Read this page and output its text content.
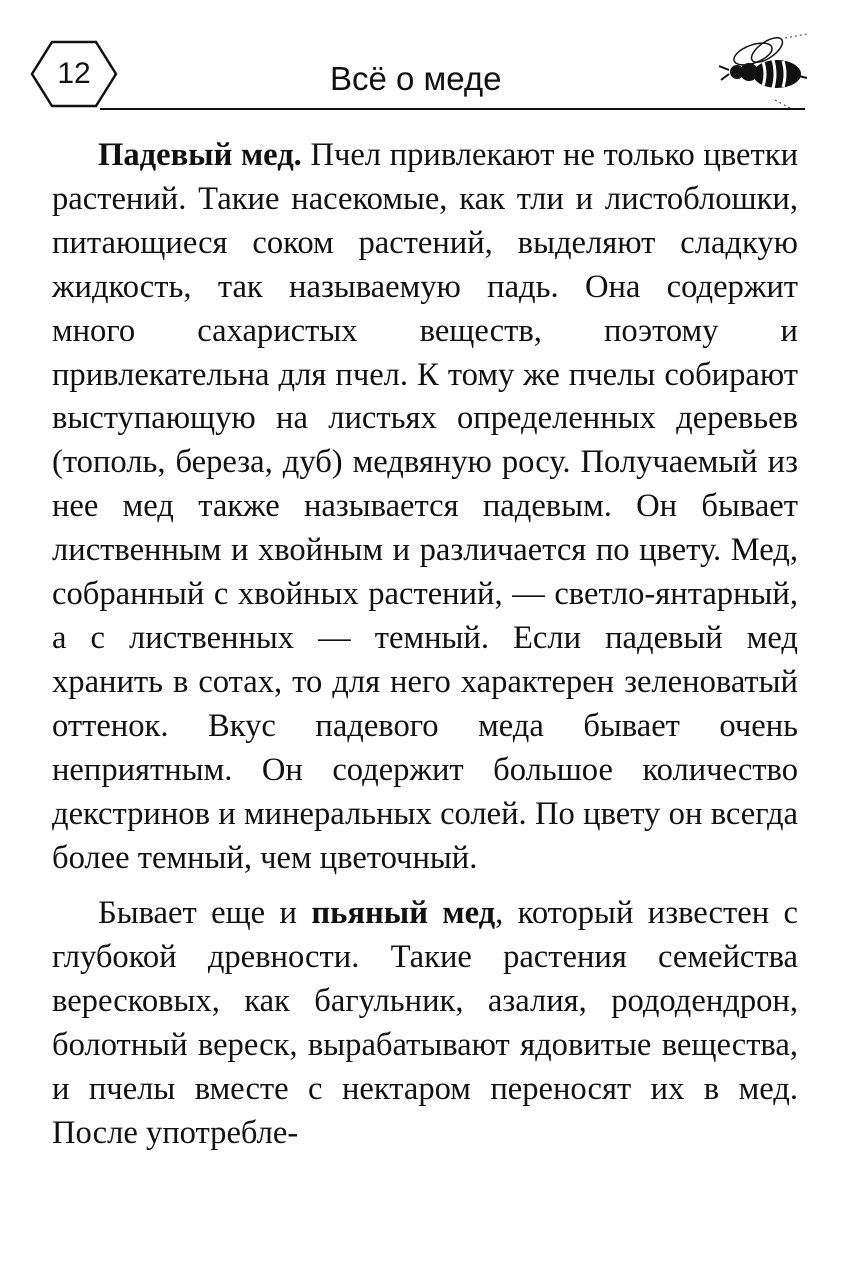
12	Всё о меде

Падевый мед. Пчел привлекают не только цветки растений. Такие насекомые, как тли и листоблошки, питающиеся соком растений, выделяют сладкую жидкость, так называемую падь. Она содержит много сахаристых веществ, поэтому и привлекательна для пчел. К тому же пчелы собирают выступающую на листьях определенных деревьев (тополь, береза, дуб) медвяную росу. Получаемый из нее мед также называется падевым. Он бывает лиственным и хвойным и различается по цвету. Мед, собранный с хвойных растений, — светло-янтарный, а с лиственных — темный. Если падевый мед хранить в сотах, то для него характерен зеленоватый оттенок. Вкус падевого меда бывает очень неприятным. Он содержит большое количество декстринов и минеральных солей. По цвету он всегда более темный, чем цветочный.

Бывает еще и пьяный мед, который известен с глубокой древности. Такие растения семейства вересковых, как багульник, азалия, рододендрон, болотный вереск, вырабатывают ядовитые вещества, и пчелы вместе с нектаром переносят их в мед. После употребле-
